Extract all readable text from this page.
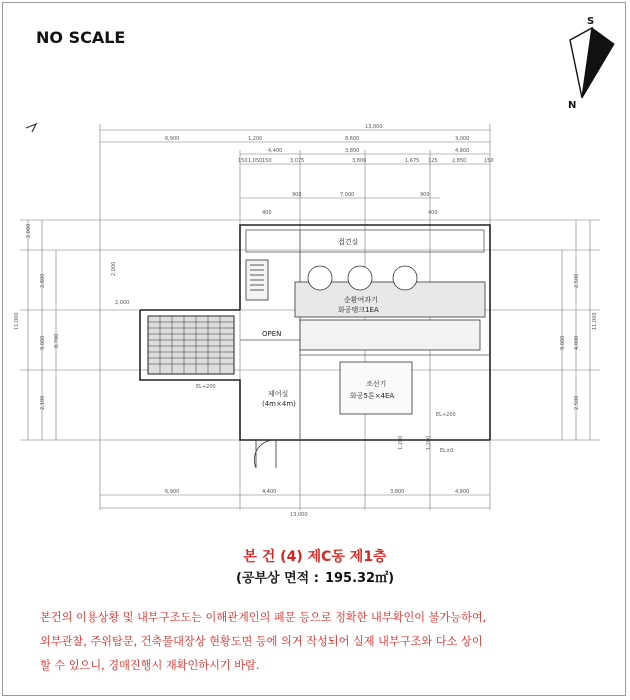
NO SCALE
S
N
6,900	1,200	8,600	3,000
13,000
4,400	3,800	4,800
150 1,050 150	3,075	3,800	1,675 125	2,850	150
900	7,000	900
400	400
2,000
2,800
8,700
2,100
11,000
9,000
2,500
4,000
2,500
11,000
9,000
6,900	4,400	3,800	4,800
13,000
2,000
2,000
1,200	1,200
접견실
순환여과기
화공탱크1EA
조선기
화공5톤×4EA
OPEN
제어실
(4m×4m)
EL+200
EL+200
EL±0
본 건 (4) 제C동 제1층
(공부상 면적 : 195.32㎡)
본건의 이용상황 및 내부구조도는 이해관계인의 폐문 등으로 정확한 내부확인이 불가능하여,
외부관찰, 주위탐문, 건축물대장상 현황도면 등에 의거 작성되어 실제 내부구조와 다소 상이
할 수 있으니, 경매진행시 재확인하시기 바람.
